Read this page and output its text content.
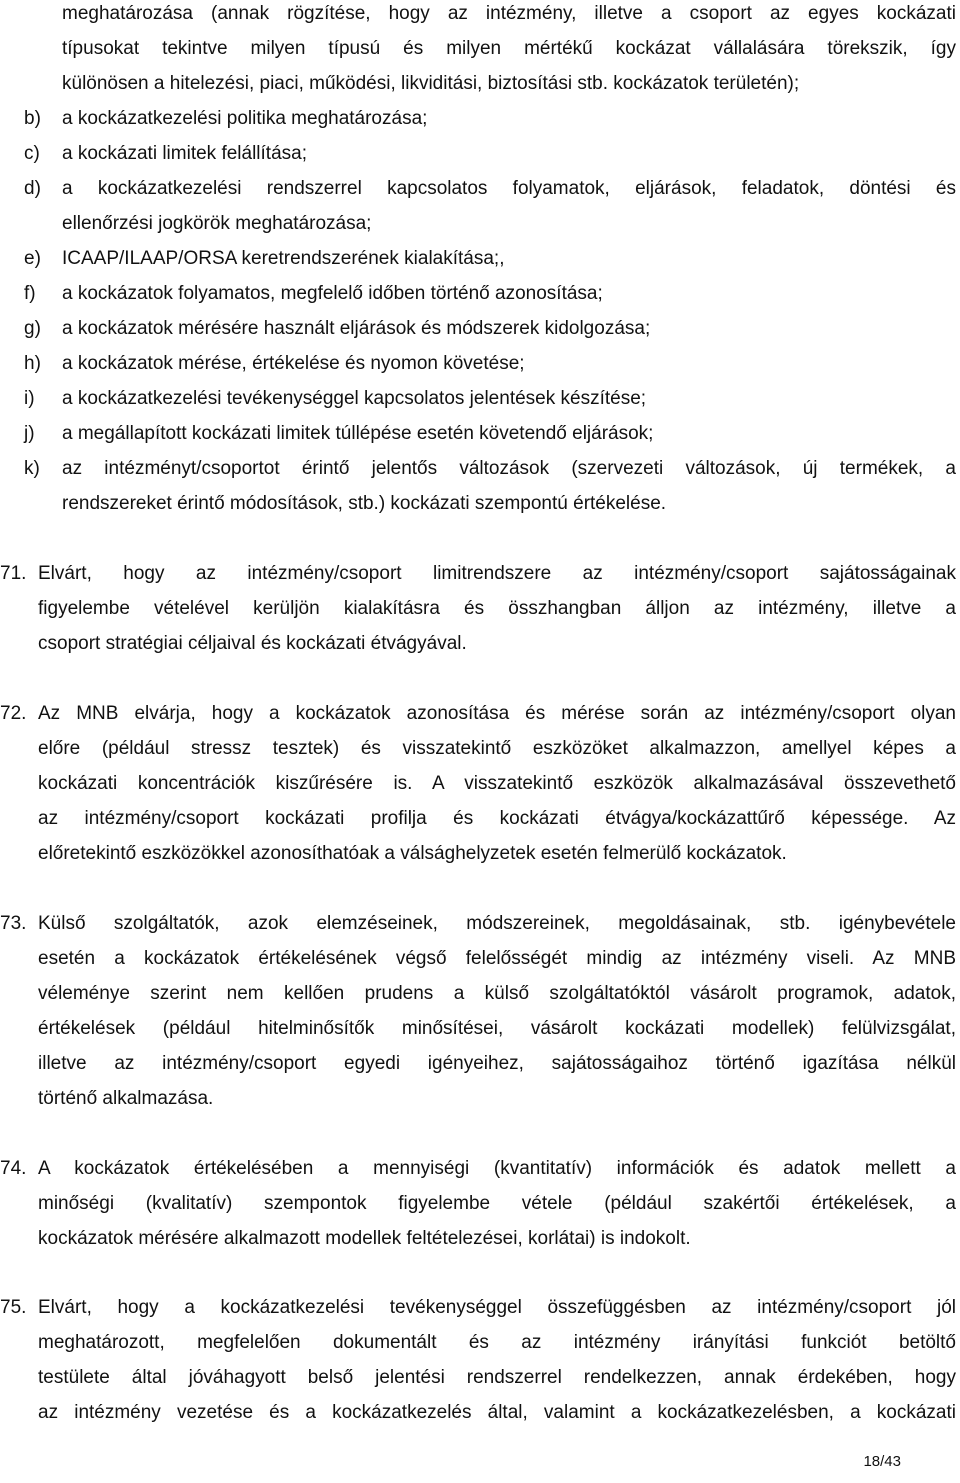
meghatározása (annak rögzítése, hogy az intézmény, illetve a csoport az egyes kockázati
típusokat tekintve milyen típusú és milyen mértékű kockázat vállalására törekszik, így
különösen a hitelezési, piaci, működési, likviditási, biztosítási stb. kockázatok területén);
b) a kockázatkezelési politika meghatározása;
c) a kockázati limitek felállítása;
d) a kockázatkezelési rendszerrel kapcsolatos folyamatok, eljárások, feladatok, döntési és
ellenőrzési jogkörök meghatározása;
e) ICAAP/ILAAP/ORSA keretrendszerének kialakítása;,
f) a kockázatok folyamatos, megfelelő időben történő azonosítása;
g) a kockázatok mérésére használt eljárások és módszerek kidolgozása;
h) a kockázatok mérése, értékelése és nyomon követése;
i) a kockázatkezelési tevékenységgel kapcsolatos jelentések készítése;
j) a megállapított kockázati limitek túllépése esetén követendő eljárások;
k) az intézményt/csoportot érintő jelentős változások (szervezeti változások, új termékek, a
rendszereket érintő módosítások, stb.) kockázati szempontú értékelése.
71. Elvárt, hogy az intézmény/csoport limitrendszere az intézmény/csoport sajátosságainak
figyelembe vételével kerüljön kialakításra és összhangban álljon az intézmény, illetve a
csoport stratégiai céljaival és kockázati étvágyával.
72. Az MNB elvárja, hogy a kockázatok azonosítása és mérése során az intézmény/csoport olyan
előre (például stressz tesztek) és visszatekintő eszközöket alkalmazzon, amellyel képes a
kockázati koncentrációk kiszűrésére is. A visszatekintő eszközök alkalmazásával összevethető
az intézmény/csoport kockázati profilja és kockázati étvágya/kockázattűrő képessége. Az
előretekintő eszközökkel azonosíthatóak a válsághelyzetek esetén felmerülő kockázatok.
73. Külső szolgáltatók, azok elemzéseinek, módszereinek, megoldásainak, stb. igénybevétele
esetén a kockázatok értékelésének végső felelősségét mindig az intézmény viseli. Az MNB
véleménye szerint nem kellően prudens a külső szolgáltatóktól vásárolt programok, adatok,
értékelések (például hitelminősítők minősítései, vásárolt kockázati modellek) felülvizsgálat,
illetve az intézmény/csoport egyedi igényeihez, sajátosságaihoz történő igazítása nélkül
történő alkalmazása.
74. A kockázatok értékelésében a mennyiségi (kvantitatív) információk és adatok mellett a
minőségi (kvalitatív) szempontok figyelembe vétele (például szakértői értékelések, a
kockázatok mérésére alkalmazott modellek feltételezései, korlátai) is indokolt.
75. Elvárt, hogy a kockázatkezelési tevékenységgel összefüggésben az intézmény/csoport jól
meghatározott, megfelelően dokumentált és az intézmény irányítási funkciót betöltő
testülete által jóváhagyott belső jelentési rendszerrel rendelkezzen, annak érdekében, hogy
az intézmény vezetése és a kockázatkezelés által, valamint a kockázatkezelésben, a kockázati
18/43
